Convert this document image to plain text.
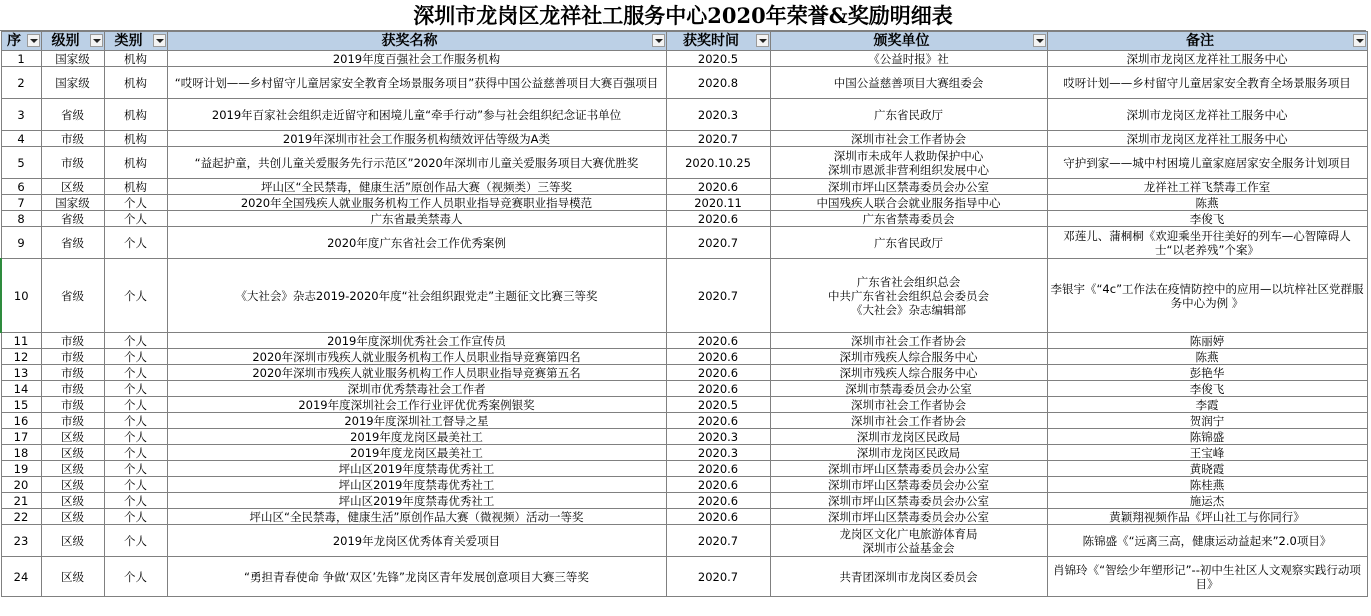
深圳市龙岗区龙祥社工服务中心2020年荣誉&奖励明细表
序	级别	类别	获奖名称	获奖时间	颁奖单位	备注

1	国家级	机构	2019年度百强社会工作服务机构	2020.5	《公益时报》社	深圳市龙岗区龙祥社工服务中心
2	国家级	机构	“哎呀计划——乡村留守儿童居家安全教育全场景服务项目”获得中国公益慈善项目大赛百强项目	2020.8	中国公益慈善项目大赛组委会	哎呀计划——乡村留守儿童居家安全教育全场景服务项目
3	省级	机构	2019年百家社会组织走近留守和困境儿童“牵手行动”参与社会组织纪念证书单位	2020.3	广东省民政厅	深圳市龙岗区龙祥社工服务中心
4	市级	机构	2019年深圳市社会工作服务机构绩效评估等级为A类	2020.7	深圳市社会工作者协会	深圳市龙岗区龙祥社工服务中心
5	市级	机构	“益起护童，共创儿童关爱服务先行示范区”2020年深圳市儿童关爱服务项目大赛优胜奖	2020.10.25	深圳市未成年人救助保护中心
深圳市恩派非营利组织发展中心	守护到家——城中村困境儿童家庭居家安全服务计划项目
6	区级	机构	坪山区“全民禁毒，健康生活”原创作品大赛（视频类）三等奖	2020.6	深圳市坪山区禁毒委员会办公室	龙祥社工祥飞禁毒工作室
7	国家级	个人	2020年全国残疾人就业服务机构工作人员职业指导竞赛职业指导模范	2020.11	中国残疾人联合会就业服务指导中心	陈燕
8	省级	个人	广东省最美禁毒人	2020.6	广东省禁毒委员会	李俊飞
9	省级	个人	2020年度广东省社会工作优秀案例	2020.7	广东省民政厅	邓莲儿、蒲桐桐《欢迎乘坐开往美好的列车—心智障碍人士“以老养残”个案》
10	省级	个人	《大社会》杂志2019-2020年度“社会组织跟党走”主题征文比赛三等奖	2020.7	广东省社会组织总会
中共广东省社会组织总会委员会
《大社会》杂志编辑部	李银宇《“4c”工作法在疫情防控中的应用—以坑梓社区党群服务中心为例 》
11	市级	个人	2019年度深圳优秀社会工作宣传员	2020.6	深圳市社会工作者协会	陈丽婷
12	市级	个人	2020年深圳市残疾人就业服务机构工作人员职业指导竞赛第四名	2020.6	深圳市残疾人综合服务中心	陈燕
13	市级	个人	2020年深圳市残疾人就业服务机构工作人员职业指导竞赛第五名	2020.6	深圳市残疾人综合服务中心	彭艳华
14	市级	个人	深圳市优秀禁毒社会工作者	2020.6	深圳市禁毒委员会办公室	李俊飞
15	市级	个人	2019年度深圳社会工作行业评优优秀案例银奖	2020.5	深圳市社会工作者协会	李霞
16	市级	个人	2019年度深圳社工督导之星	2020.6	深圳市社会工作者协会	贺润宁
17	区级	个人	2019年度龙岗区最美社工	2020.3	深圳市龙岗区民政局	陈锦盛
18	区级	个人	2019年度龙岗区最美社工	2020.3	深圳市龙岗区民政局	王宝峰
19	区级	个人	坪山区2019年度禁毒优秀社工	2020.6	深圳市坪山区禁毒委员会办公室	黄晓霞
20	区级	个人	坪山区2019年度禁毒优秀社工	2020.6	深圳市坪山区禁毒委员会办公室	陈桂燕
21	区级	个人	坪山区2019年度禁毒优秀社工	2020.6	深圳市坪山区禁毒委员会办公室	施运杰
22	区级	个人	坪山区“全民禁毒，健康生活”原创作品大赛（微视频）活动一等奖	2020.6	深圳市坪山区禁毒委员会办公室	黄颖翔视频作品《坪山社工与你同行》
23	区级	个人	2019年龙岗区优秀体育关爱项目	2020.7	龙岗区文化广电旅游体育局
深圳市公益基金会	陈锦盛《“远离三高，健康运动益起来”2.0项目》
24	区级	个人	“勇担青春使命 争做‘双区’先锋”龙岗区青年发展创意项目大赛三等奖	2020.7	共青团深圳市龙岗区委员会	肖锦玲《“智绘少年塑形记”--初中生社区人文观察实践行动项目》
